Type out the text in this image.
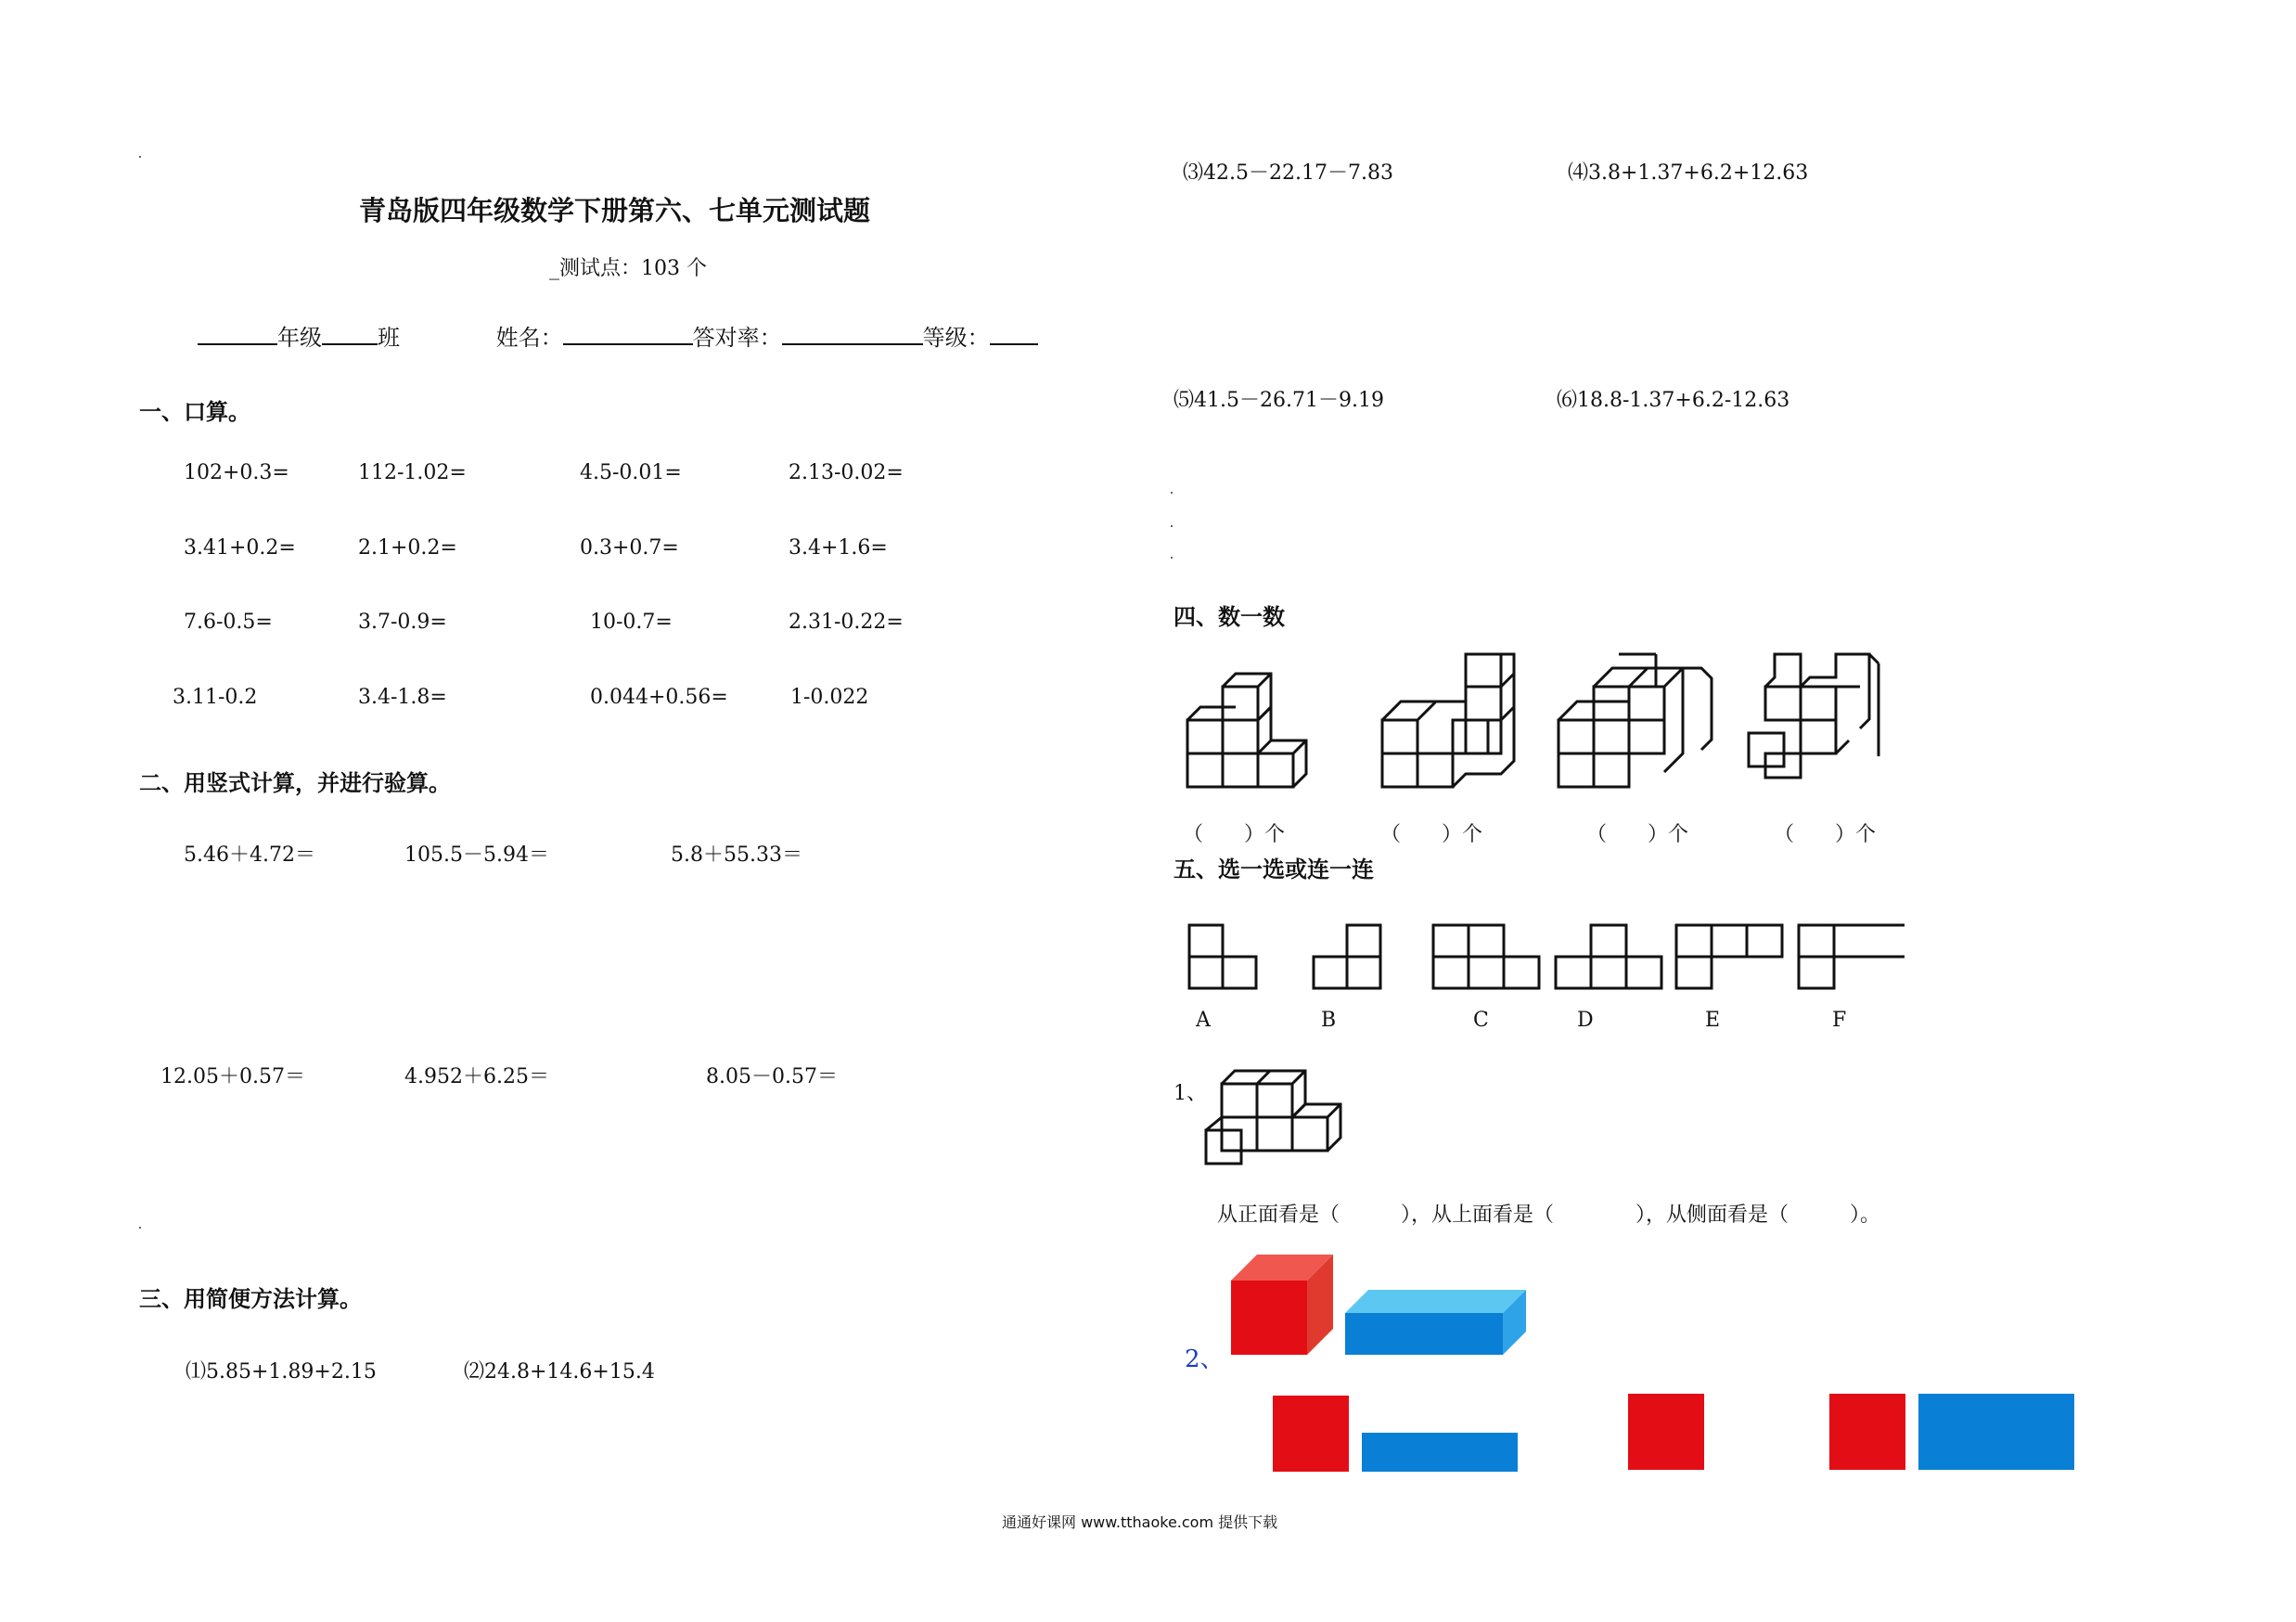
青岛版四年级数学下册第六、七单元测试题
_测试点：103 个
年级	班	姓名：	答对率：	等级：
一、口算。
102+0.3=	112-1.02=	4.5-0.01=	2.13-0.02=
3.41+0.2=	2.1+0.2=	0.3+0.7=	3.4+1.6=
7.6-0.5=	3.7-0.9=	10-0.7=	2.31-0.22=
3.11-0.2	3.4-1.8=	0.044+0.56=	1-0.022
二、用竖式计算，并进行验算。
5.46＋4.72＝	105.5－5.94＝	5.8＋55.33＝
12.05＋0.57＝	4.952＋6.25＝	8.05－0.57＝
三、用简便方法计算。
⑴5.85+1.89+2.15	⑵24.8+14.6+15.4
⑶42.5－22.17－7.83	⑷3.8+1.37+6.2+12.63
⑸41.5－26.71－9.19	⑹18.8-1.37+6.2-12.63
四、数一数
（　　）个	（　　）个	（　　）个	（　　）个
五、选一选或连一连
A	B	C	D	E	F
1、
从正面看是（　　　），从上面看是（　　　　），从侧面看是（　　　）。
2、
通通好课网 www.tthaoke.com 提供下载
